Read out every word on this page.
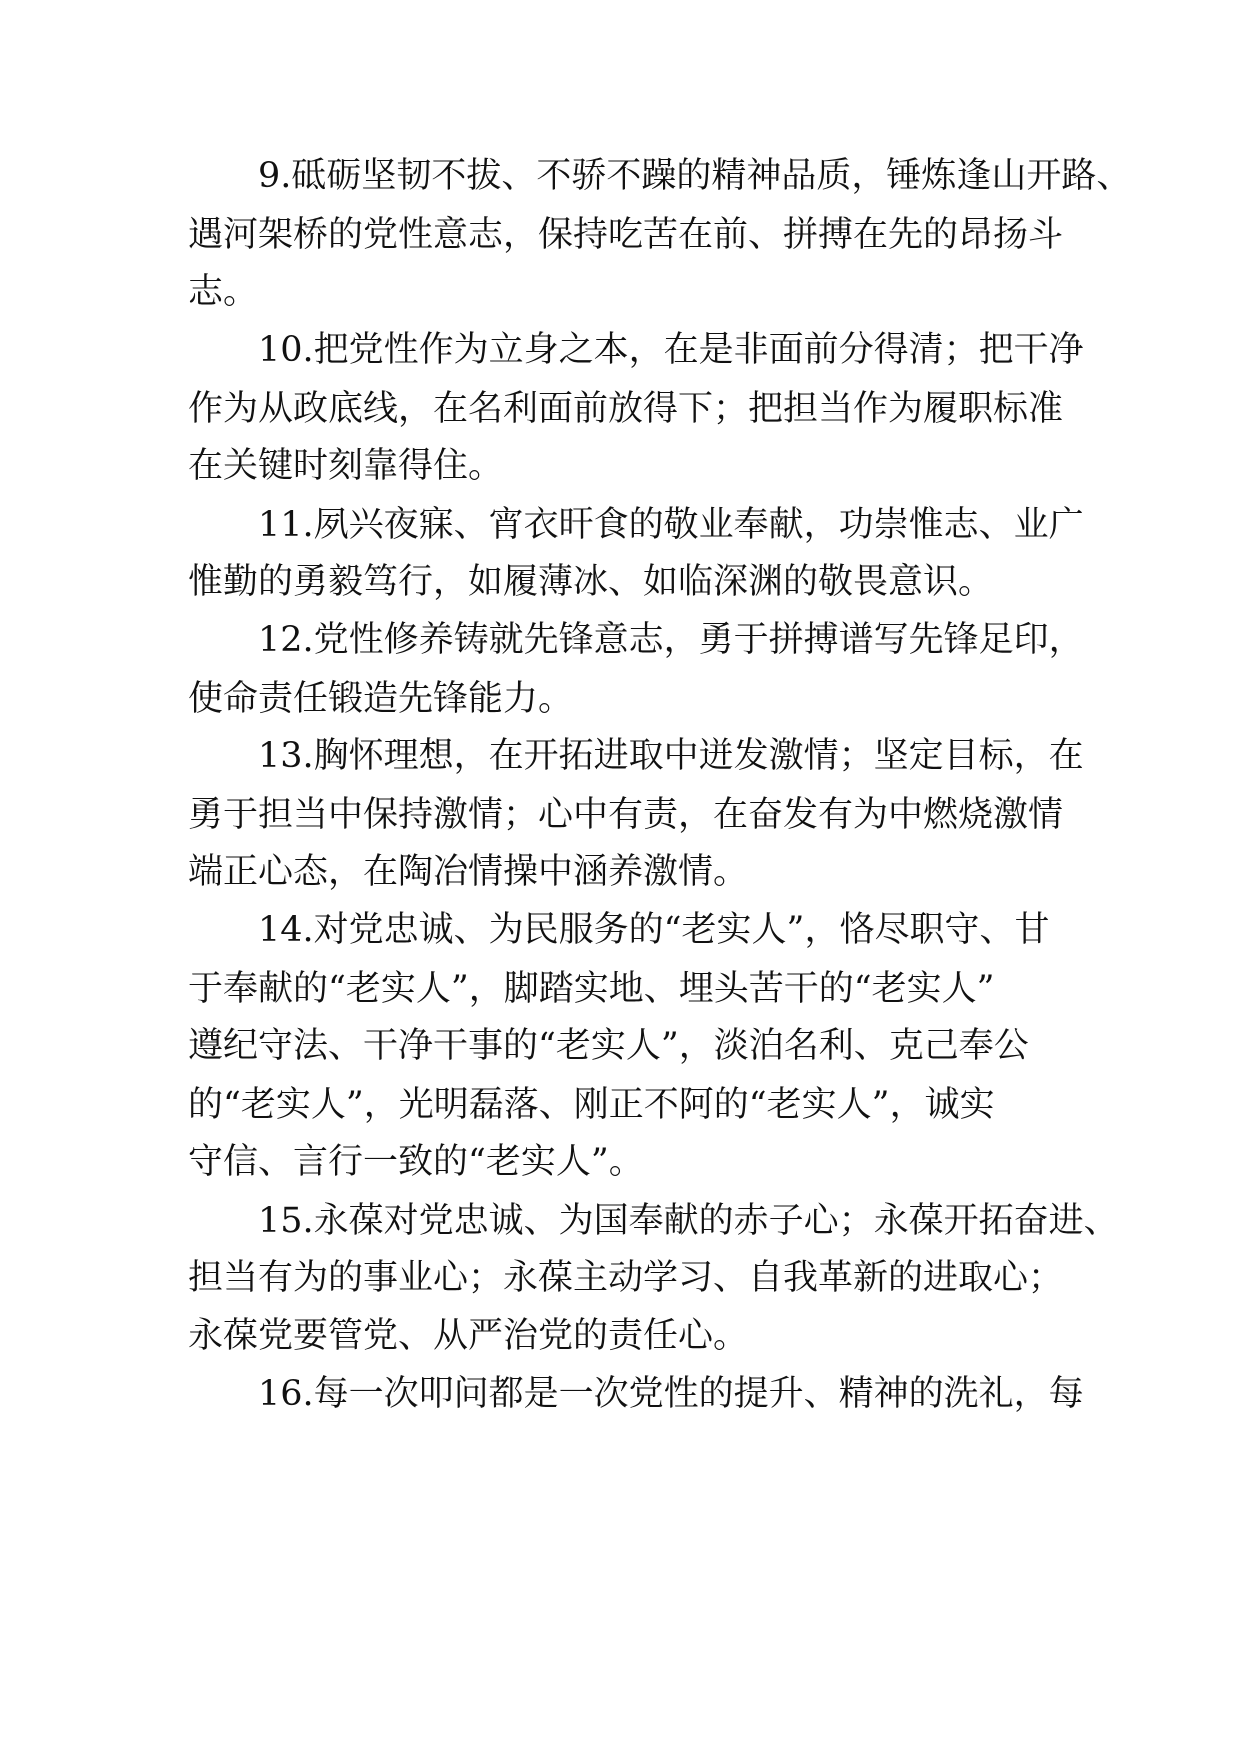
9.砥砺坚韧不拔、不骄不躁的精神品质，锤炼逢山开路、
遇河架桥的党性意志，保持吃苦在前、拼搏在先的昂扬斗
志。
10.把党性作为立身之本，在是非面前分得清；把干净
作为从政底线，在名利面前放得下；把担当作为履职标准
在关键时刻靠得住。
11.夙兴夜寐、宵衣旰食的敬业奉献，功崇惟志、业广
惟勤的勇毅笃行，如履薄冰、如临深渊的敬畏意识。
12.党性修养铸就先锋意志，勇于拼搏谱写先锋足印，
使命责任锻造先锋能力。
13.胸怀理想，在开拓进取中迸发激情；坚定目标，在
勇于担当中保持激情；心中有责，在奋发有为中燃烧激情
端正心态，在陶冶情操中涵养激情。
14.对党忠诚、为民服务的“老实人”，恪尽职守、甘
于奉献的“老实人”，脚踏实地、埋头苦干的“老实人”
遵纪守法、干净干事的“老实人”，淡泊名利、克己奉公
的“老实人”，光明磊落、刚正不阿的“老实人”，诚实
守信、言行一致的“老实人”。
15.永葆对党忠诚、为国奉献的赤子心；永葆开拓奋进、
担当有为的事业心；永葆主动学习、自我革新的进取心；
永葆党要管党、从严治党的责任心。
16.每一次叩问都是一次党性的提升、精神的洗礼，每
